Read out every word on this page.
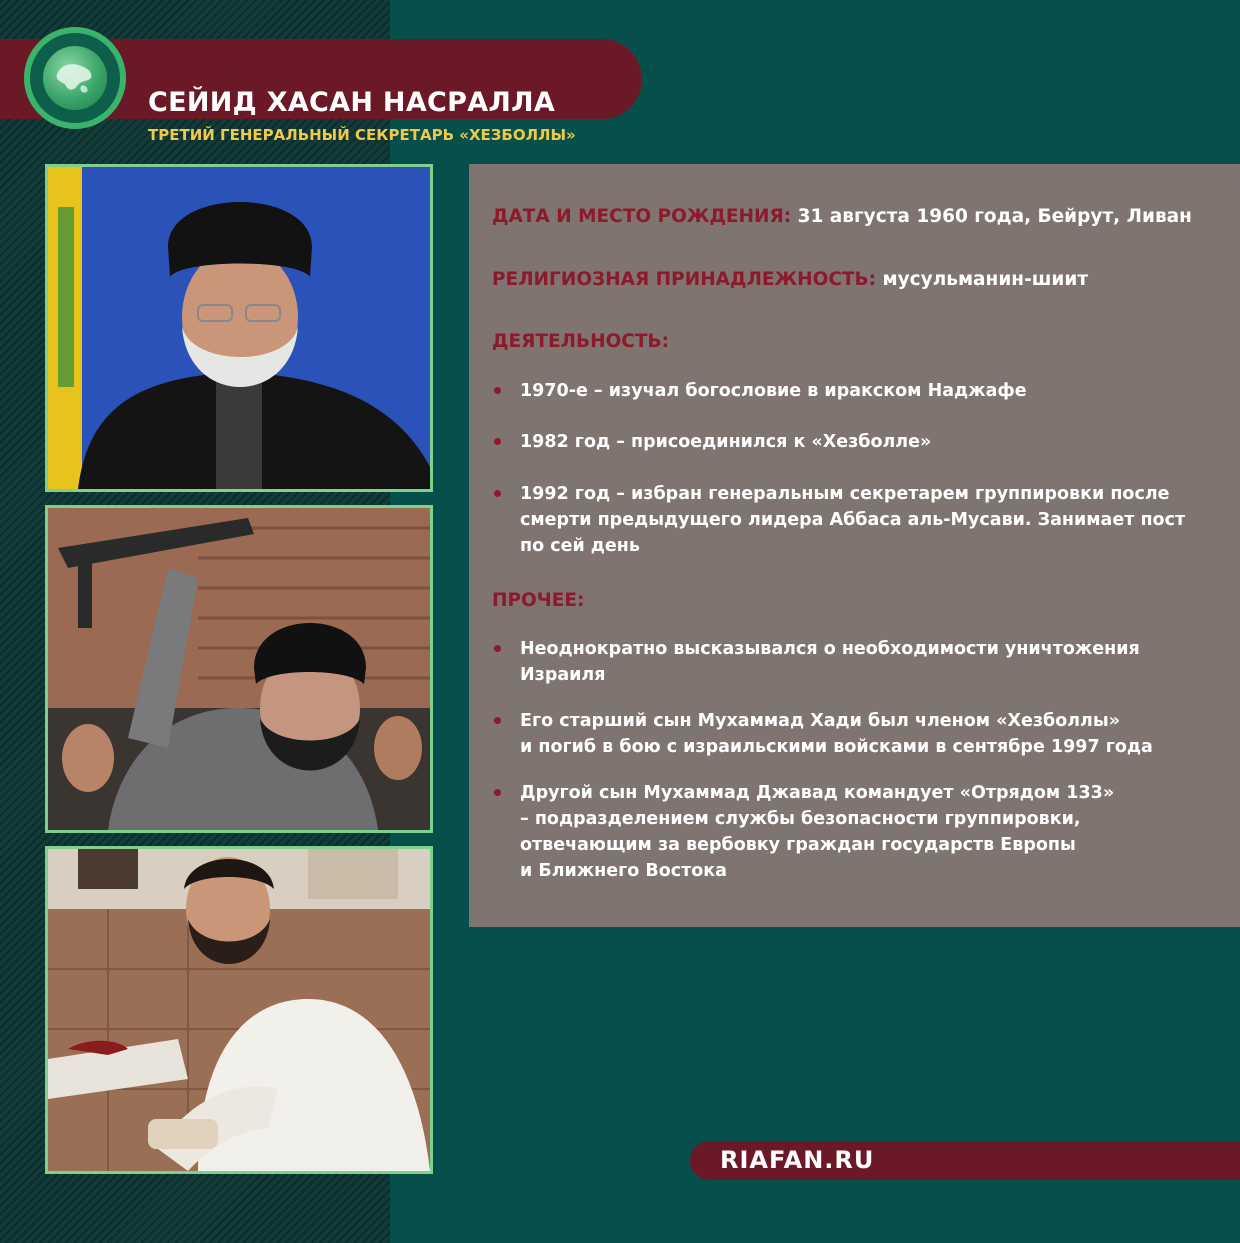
СЕЙИД ХАСАН НАСРАЛЛА

ТРЕТИЙ ГЕНЕРАЛЬНЫЙ СЕКРЕТАРЬ «ХЕЗБОЛЛЫ»

ДАТА И МЕСТО РОЖДЕНИЯ: 31 августа 1960 года, Бейрут, Ливан

РЕЛИГИОЗНАЯ ПРИНАДЛЕЖНОСТЬ: мусульманин-шиит

ДЕЯТЕЛЬНОСТЬ:

1970-е – изучал богословие в иракском Наджафе

1982 год – присоединился к «Хезболле»

1992 год – избран генеральным секретарем группировки после
смерти предыдущего лидера Аббаса аль-Мусави. Занимает пост
по сей день

ПРОЧЕЕ:

Неоднократно высказывался о необходимости уничтожения
Израиля

Его старший сын Мухаммад Хади был членом «Хезболлы»
и погиб в бою с израильскими войсками в сентябре 1997 года

Другой сын Мухаммад Джавад командует «Отрядом 133»
– подразделением службы безопасности группировки,
отвечающим за вербовку граждан государств Европы
и Ближнего Востока

RIAFAN.RU
